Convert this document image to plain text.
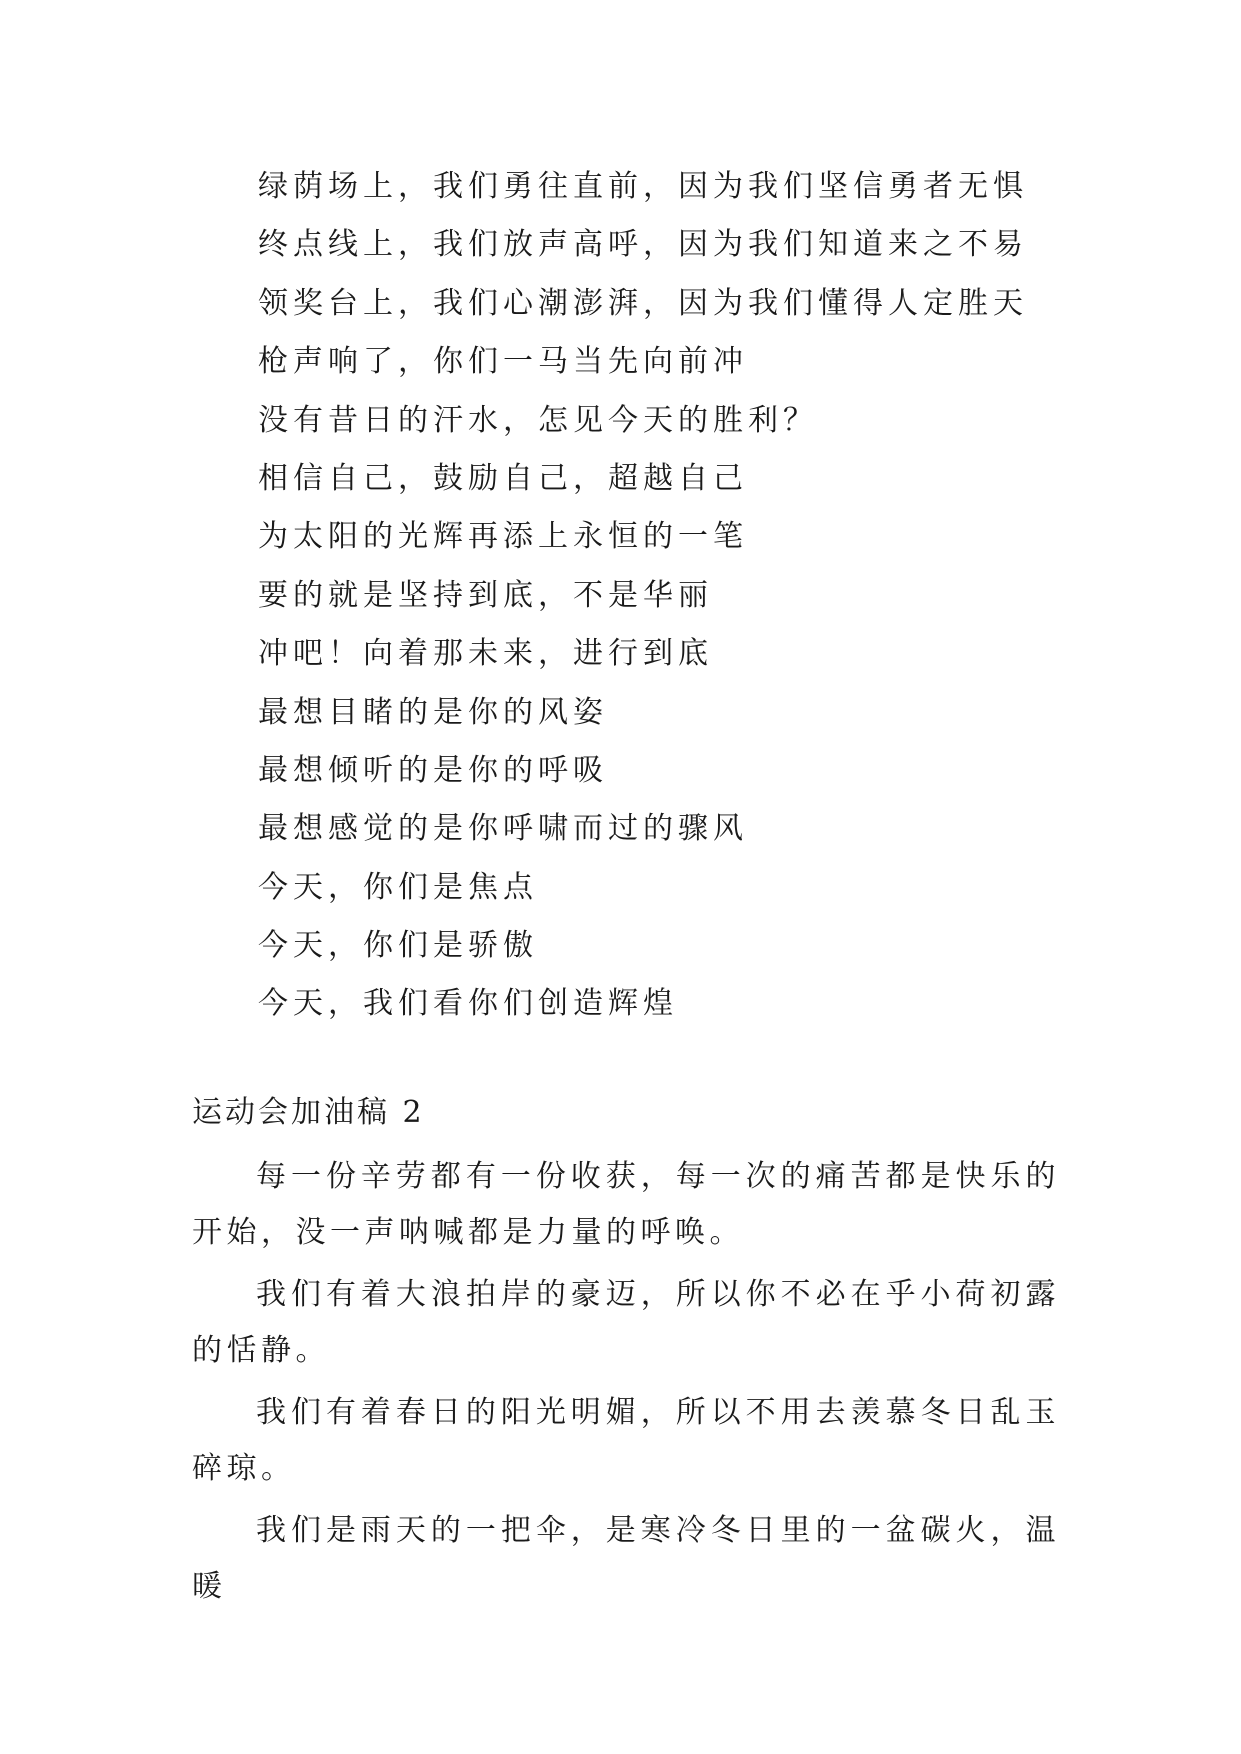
绿荫场上，我们勇往直前，因为我们坚信勇者无惧
终点线上，我们放声高呼，因为我们知道来之不易
领奖台上，我们心潮澎湃，因为我们懂得人定胜天
枪声响了，你们一马当先向前冲
没有昔日的汗水，怎见今天的胜利？
相信自己，鼓励自己，超越自己
为太阳的光辉再添上永恒的一笔
要的就是坚持到底，不是华丽
冲吧！向着那未来，进行到底
最想目睹的是你的风姿
最想倾听的是你的呼吸
最想感觉的是你呼啸而过的骤风
今天，你们是焦点
今天，你们是骄傲
今天，我们看你们创造辉煌
运动会加油稿 2

每一份辛劳都有一份收获，每一次的痛苦都是快乐的开始，没一声呐喊都是力量的呼唤。

我们有着大浪拍岸的豪迈，所以你不必在乎小荷初露的恬静。

我们有着春日的阳光明媚，所以不用去羡慕冬日乱玉碎琼。

我们是雨天的一把伞，是寒冷冬日里的一盆碳火，温暖
